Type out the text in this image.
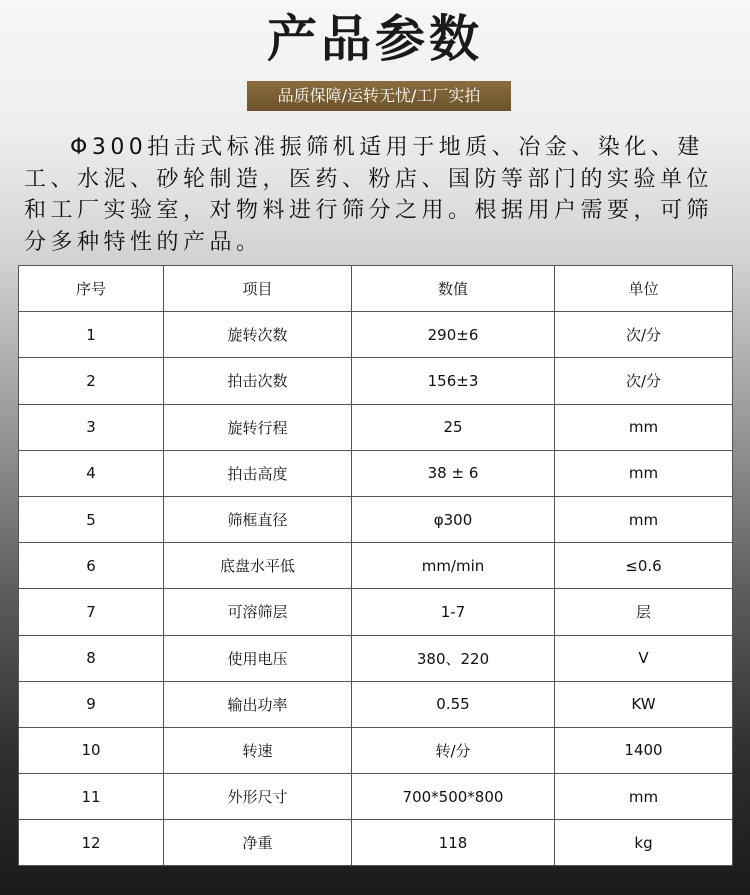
产品参数
品质保障/运转无忧/工厂实拍

Φ300拍击式标准振筛机适用于地质、冶金、染化、建工、水泥、砂轮制造，医药、粉店、国防等部门的实验单位和工厂实验室，对物料进行筛分之用。根据用户需要，可筛分多种特性的产品。

序号	项目	数值	单位
1	旋转次数	290±6	次/分
2	拍击次数	156±3	次/分
3	旋转行程	25	mm
4	拍击高度	38 ± 6	mm
5	筛框直径	φ300	mm
6	底盘水平低	mm/min	≤0.6
7	可溶筛层	1-7	层
8	使用电压	380、220	V
9	输出功率	0.55	KW
10	转速	转/分	1400
11	外形尺寸	700*500*800	mm
12	净重	118	kg
